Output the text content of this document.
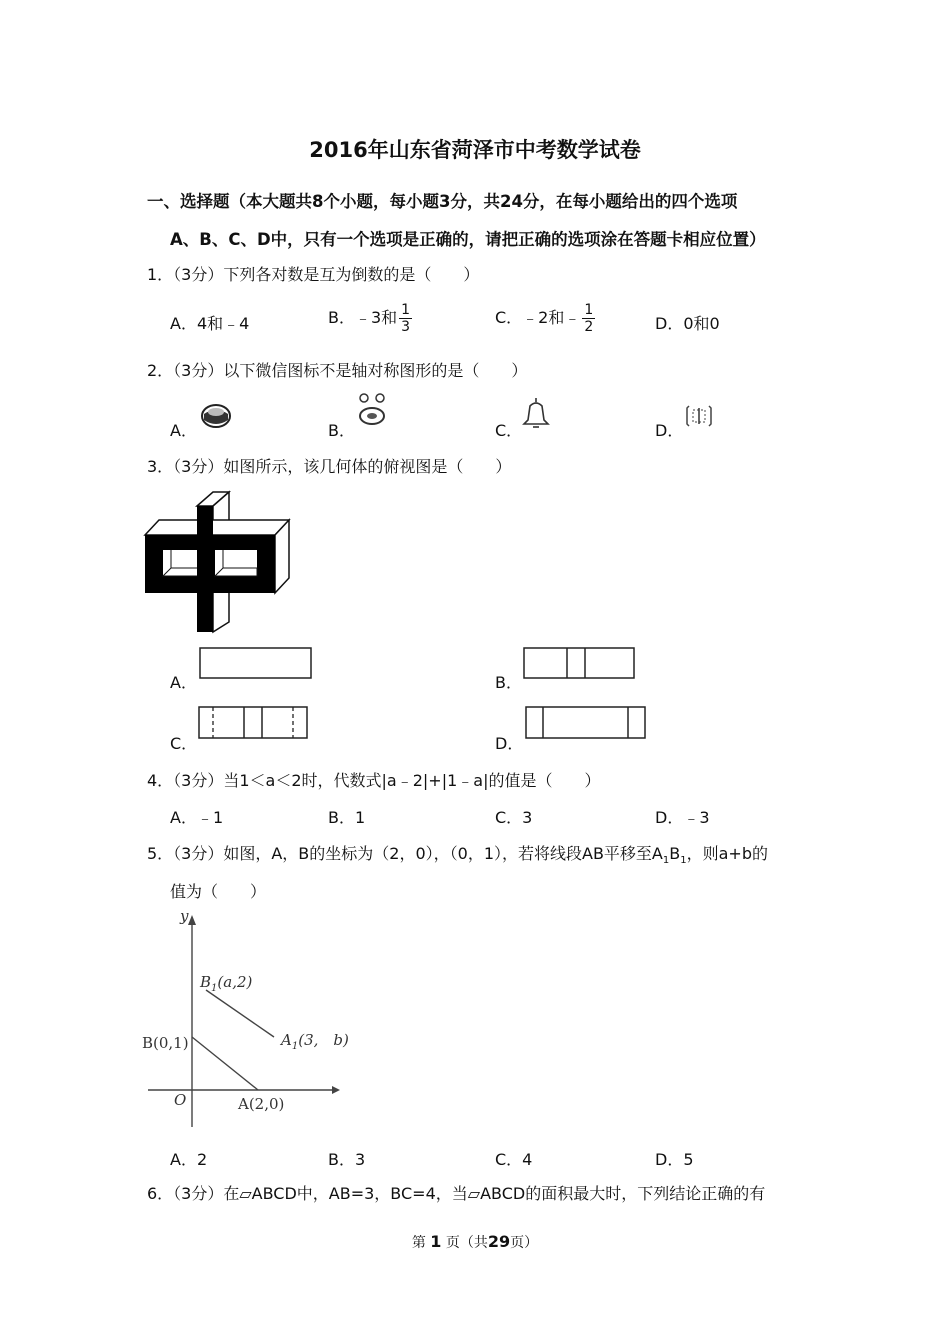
2016年山东省菏泽市中考数学试卷
一、选择题（本大题共8个小题，每小题3分，共24分，在每小题给出的四个选项
A、B、C、D中，只有一个选项是正确的，请把正确的选项涂在答题卡相应位置）
1．（3分）下列各对数是互为倒数的是（　　）
A．4和﹣4	B．﹣3和 $\frac{1}{3}$	C．﹣2和﹣ $\frac{1}{2}$	D．0和0
2．（3分）以下微信图标不是轴对称图形的是（　　）
A．	B．	C．	D．
3．（3分）如图所示，该几何体的俯视图是（　　）
A．	B．
C．	D．
4．（3分）当1＜a＜2时，代数式|a﹣2|+|1﹣a|的值是（　　）
A．﹣1	B．1	C．3	D．﹣3
5．（3分）如图，A，B的坐标为（2，0），（0，1），若将线段AB平移至$A_1B_1$，则a+b的
值为（　　）
y
O
B(0,1)
A(2,0)
$B_1(a,2)$
$A_1(3$,　b)
A．2	B．3	C．4	D．5
6．（3分）在▱ABCD中，AB=3，BC=4，当▱ABCD的面积最大时，下列结论正确的有
第 1 页（共29页）
